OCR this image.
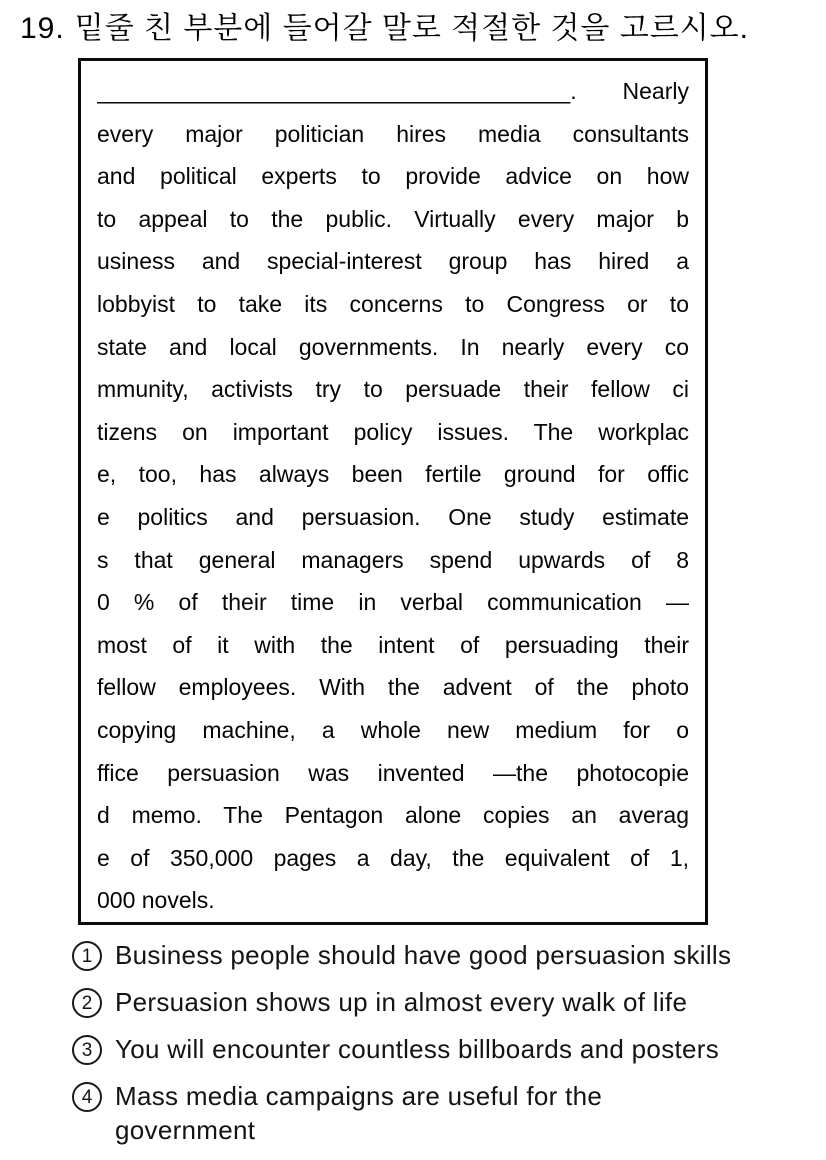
19. 밑줄 친 부분에 들어갈 말로 적절한 것을 고르시오.
_____________________________________. Nearly
every major politician hires media consultants
and political experts to provide advice on how
to appeal to the public. Virtually every major b
usiness and special-interest group has hired a
lobbyist to take its concerns to Congress or to
state and local governments. In nearly every co
mmunity, activists try to persuade their fellow ci
tizens on important policy issues. The workplac
e, too, has always been fertile ground for offic
e politics and persuasion. One study estimate
s that general managers spend upwards of 8
0 % of their time in verbal communication —
most of it with the intent of persuading their
fellow employees. With the advent of the photo
copying machine, a whole new medium for o
ffice persuasion was invented —the photocopie
d memo. The Pentagon alone copies an averag
e of 350,000 pages a day, the equivalent of 1,
000 novels.
1 Business people should have good persuasion skills
2 Persuasion shows up in almost every walk of life
3 You will encounter countless billboards and posters
4 Mass media campaigns are useful for the government
